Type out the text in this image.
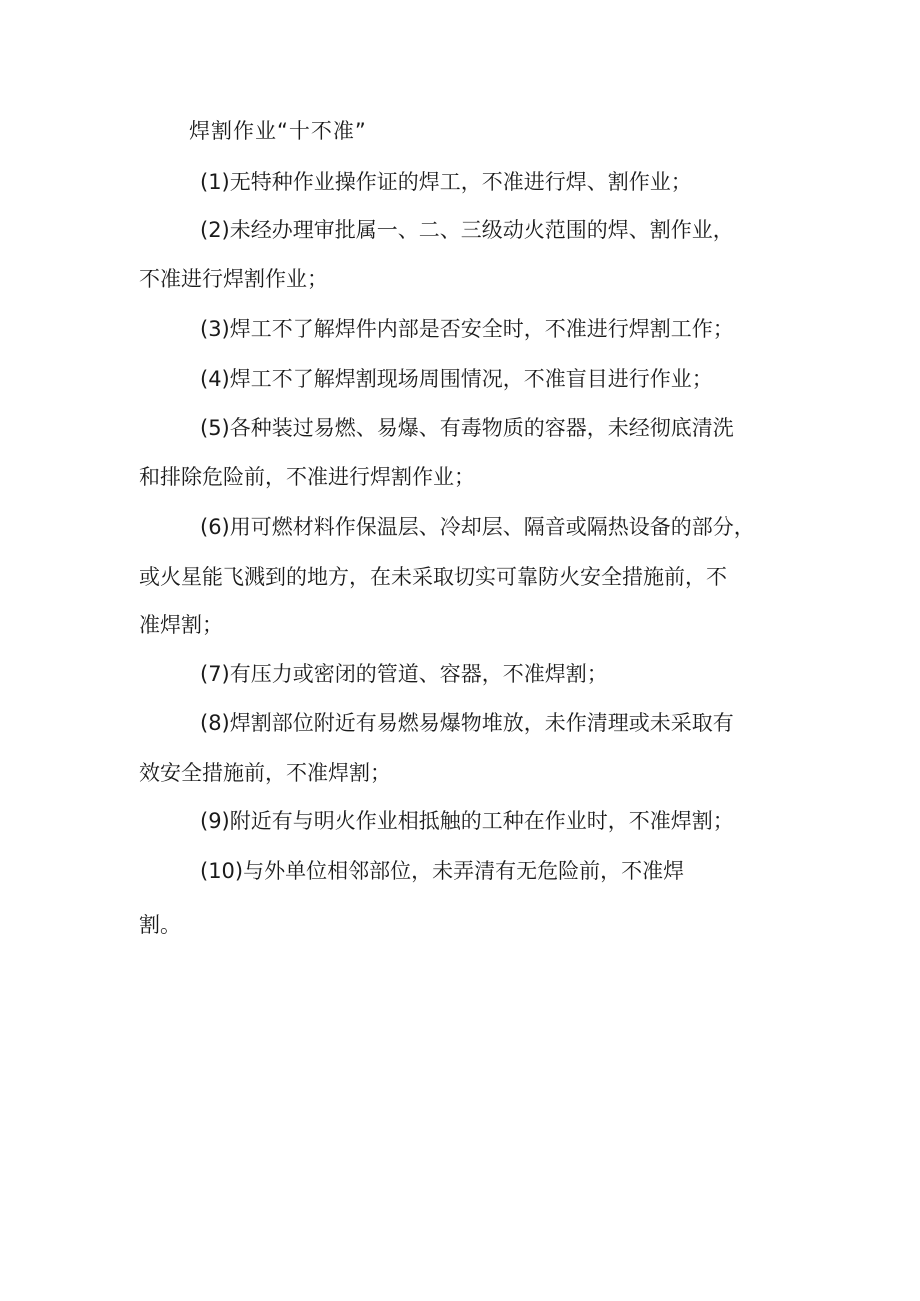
焊割作业“十不准”
(1)无特种作业操作证的焊工，不准进行焊、割作业；
(2)未经办理审批属一、二、三级动火范围的焊、割作业，
不准进行焊割作业；
(3)焊工不了解焊件内部是否安全时，不准进行焊割工作；
(4)焊工不了解焊割现场周围情况，不准盲目进行作业；
(5)各种装过易燃、易爆、有毒物质的容器，未经彻底清洗
和排除危险前，不准进行焊割作业；
(6)用可燃材料作保温层、冷却层、隔音或隔热设备的部分，
或火星能飞溅到的地方，在未采取切实可靠防火安全措施前，不
准焊割；
(7)有压力或密闭的管道、容器，不准焊割；
(8)焊割部位附近有易燃易爆物堆放，未作清理或未采取有
效安全措施前，不准焊割；
(9)附近有与明火作业相抵触的工种在作业时，不准焊割；
(10)与外单位相邻部位，未弄清有无危险前，不准焊
割。
